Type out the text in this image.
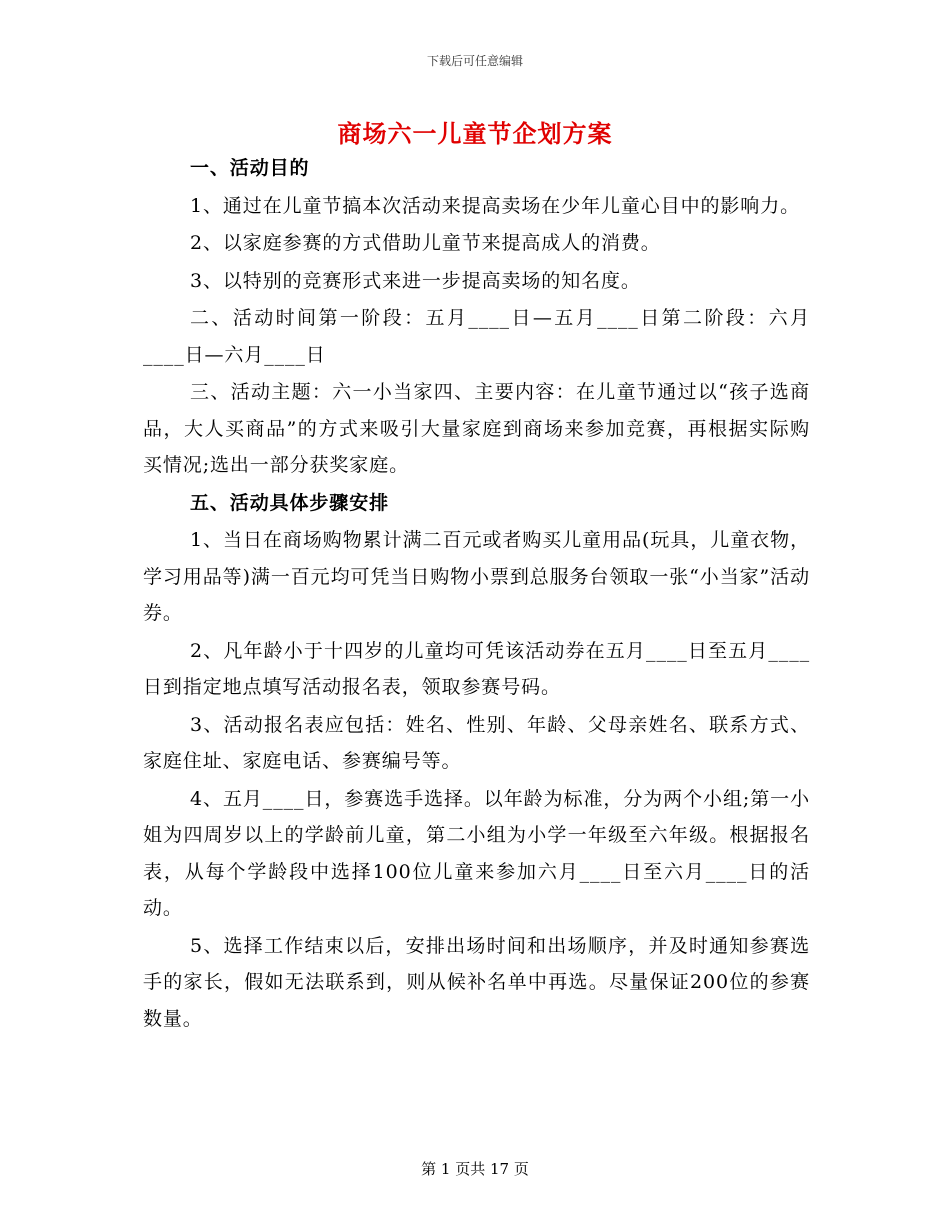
下载后可任意编辑
商场六一儿童节企划方案

一、活动目的

1、通过在儿童节搞本次活动来提高卖场在少年儿童心目中的影响力。

2、以家庭参赛的方式借助儿童节来提高成人的消费。

3、以特别的竞赛形式来进一步提高卖场的知名度。

二、活动时间第一阶段：五月____日—五月____日第二阶段：六月____日—六月____日

三、活动主题：六一小当家四、主要内容：在儿童节通过以“孩子选商品，大人买商品”的方式来吸引大量家庭到商场来参加竞赛，再根据实际购买情况;选出一部分获奖家庭。

五、活动具体步骤安排

1、当日在商场购物累计满二百元或者购买儿童用品(玩具，儿童衣物，学习用品等)满一百元均可凭当日购物小票到总服务台领取一张“小当家”活动券。

2、凡年龄小于十四岁的儿童均可凭该活动券在五月____日至五月____日到指定地点填写活动报名表，领取参赛号码。

3、活动报名表应包括：姓名、性别、年龄、父母亲姓名、联系方式、家庭住址、家庭电话、参赛编号等。

4、五月____日，参赛选手选择。以年龄为标准，分为两个小组;第一小姐为四周岁以上的学龄前儿童，第二小组为小学一年级至六年级。根据报名表，从每个学龄段中选择100位儿童来参加六月____日至六月____日的活动。

5、选择工作结束以后，安排出场时间和出场顺序，并及时通知参赛选手的家长，假如无法联系到，则从候补名单中再选。尽量保证200位的参赛数量。

第 1 页共 17 页
